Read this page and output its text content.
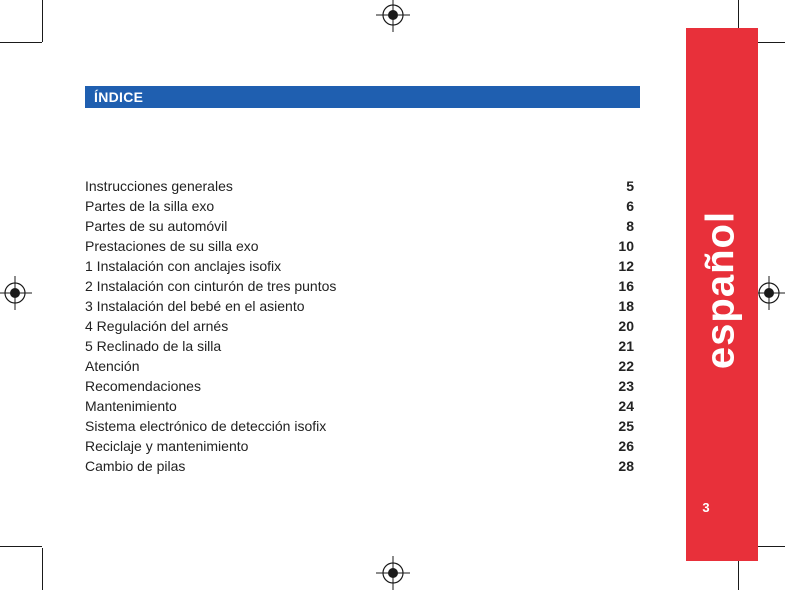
ÍNDICE
Instrucciones generales	5
Partes de la silla exo	6
Partes de su automóvil	8
Prestaciones de su silla exo	10
1 Instalación con anclajes isofix	12
2 Instalación con cinturón de tres puntos	16
3 Instalación del bebé en el asiento	18
4 Regulación del arnés	20
5 Reclinado de la silla	21
Atención	22
Recomendaciones	23
Mantenimiento	24
Sistema electrónico de detección isofix	25
Reciclaje y mantenimiento	26
Cambio de pilas	28
español
3
